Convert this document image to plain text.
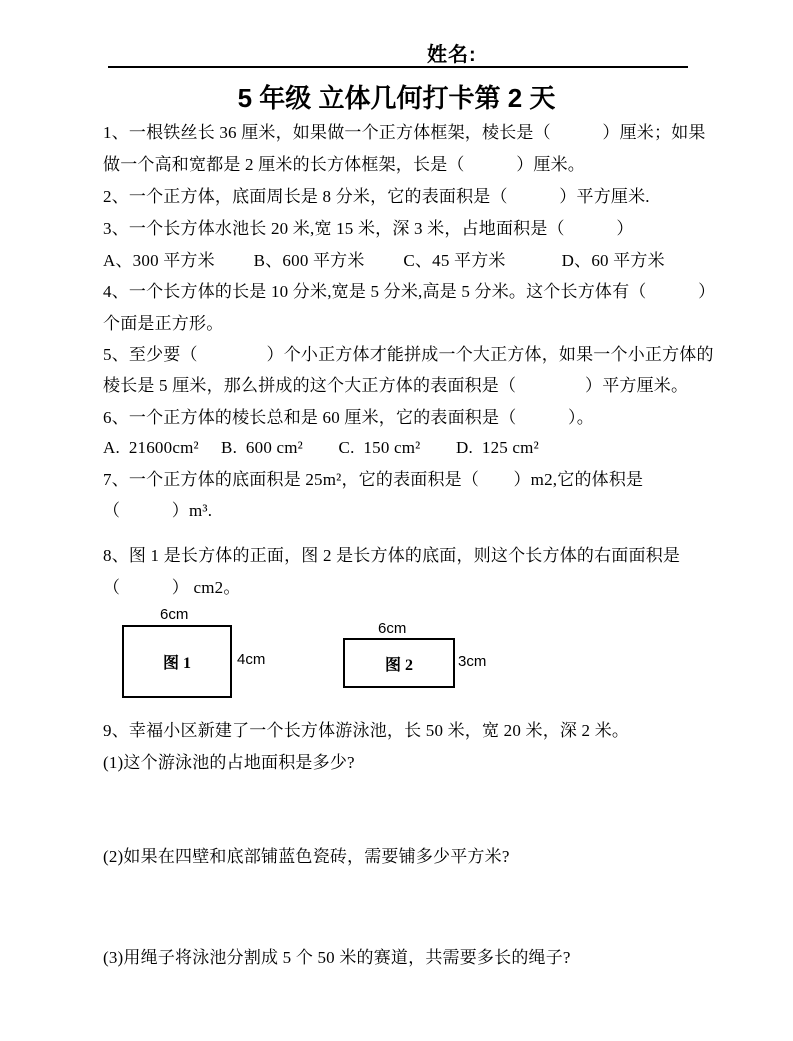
姓名:
5 年级 立体几何打卡第 2 天
1、一根铁丝长 36 厘米，如果做一个正方体框架，棱长是（　　　）厘米；如果
做一个高和宽都是 2 厘米的长方体框架，长是（　　　）厘米。
2、一个正方体，底面周长是 8 分米，它的表面积是（　　　）平方厘米.
3、一个长方体水池长 20 米,宽 15 米，深 3 米，占地面积是（　　　）
A、300 平方米　　 B、600 平方米　　 C、45 平方米　　　 D、60 平方米
4、一个长方体的长是 10 分米,宽是 5 分米,高是 5 分米。这个长方体有（　　　）
个面是正方形。
5、至少要（　　　　）个小正方体才能拼成一个大正方体，如果一个小正方体的
棱长是 5 厘米，那么拼成的这个大正方体的表面积是（　　　　）平方厘米。
6、一个正方体的棱长总和是 60 厘米，它的表面积是（　　　）。
A.  21600cm²     B.  600 cm²        C.  150 cm²        D.  125 cm²
7、一个正方体的底面积是 25m²，它的表面积是（　　）m2,它的体积是
（　　　）m³.
8、图 1 是长方体的正面，图 2 是长方体的底面，则这个长方体的右面面积是
（　　　） cm2。
6cm
图 1	4cm
6cm
图 2	3cm
9、幸福小区新建了一个长方体游泳池，长 50 米，宽 20 米，深 2 米。
(1)这个游泳池的占地面积是多少?
(2)如果在四壁和底部铺蓝色瓷砖，需要铺多少平方米?
(3)用绳子将泳池分割成 5 个 50 米的赛道，共需要多长的绳子?
